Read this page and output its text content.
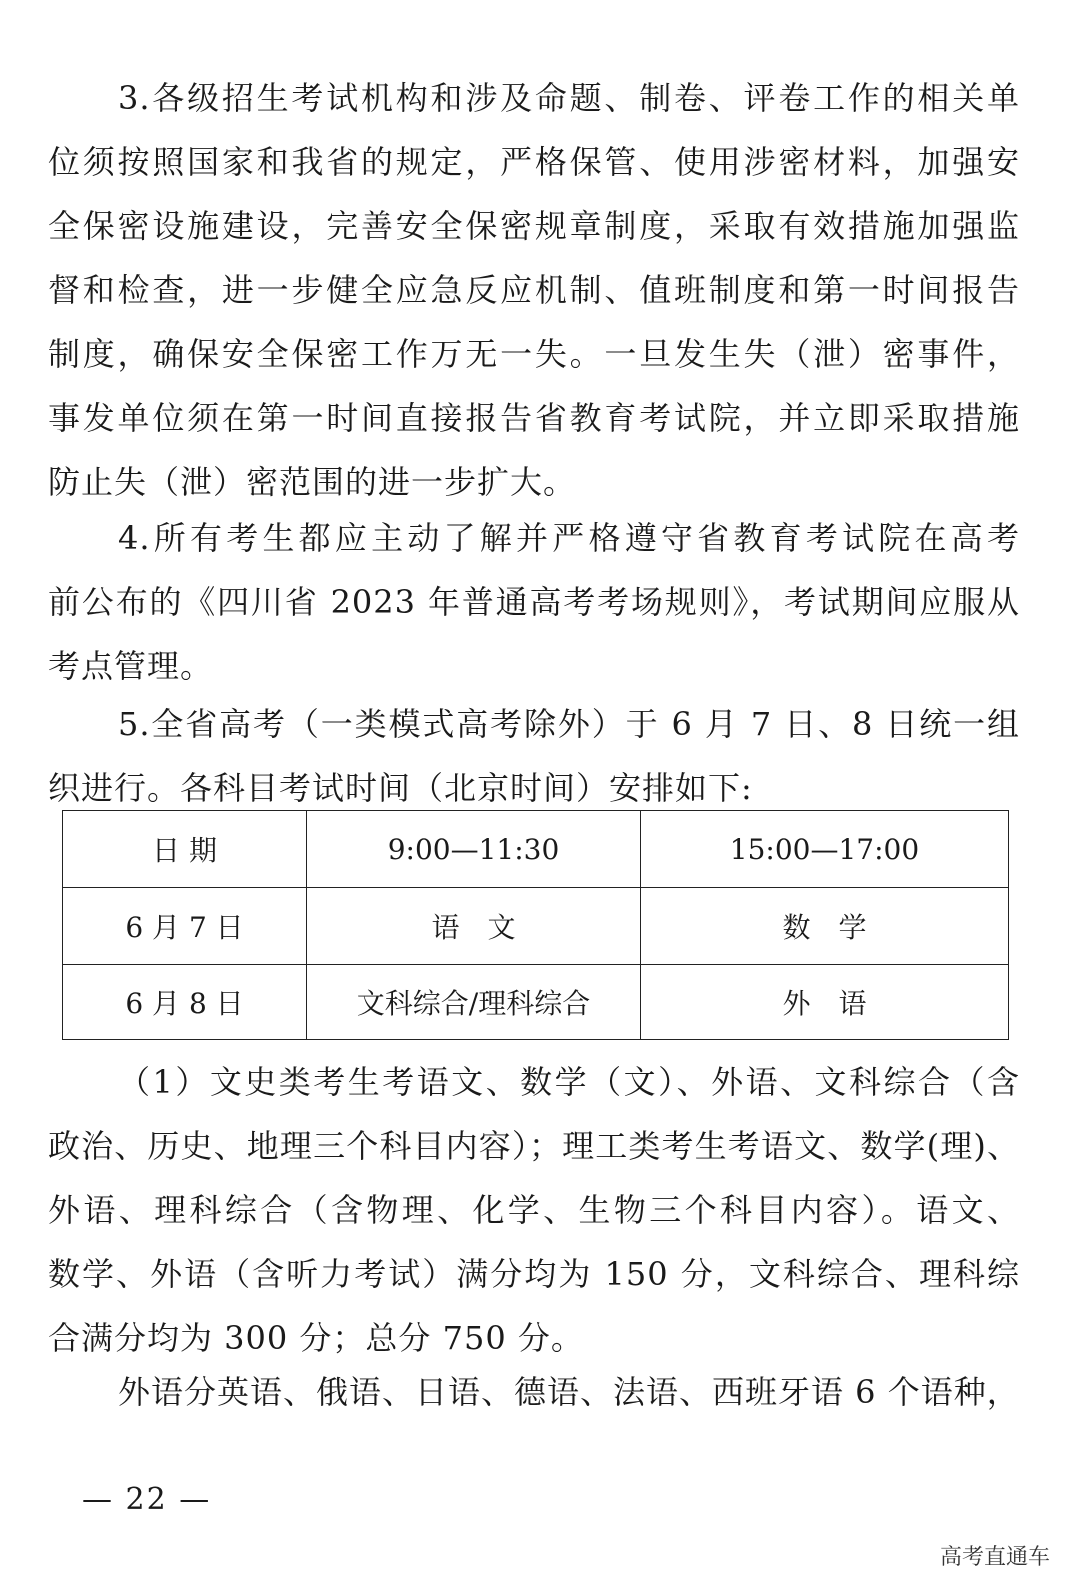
3.各级招生考试机构和涉及命题、制卷、评卷工作的相关单
位须按照国家和我省的规定，严格保管、使用涉密材料，加强安
全保密设施建设，完善安全保密规章制度，采取有效措施加强监
督和检查，进一步健全应急反应机制、值班制度和第一时间报告
制度，确保安全保密工作万无一失。一旦发生失（泄）密事件，
事发单位须在第一时间直接报告省教育考试院，并立即采取措施
防止失（泄）密范围的进一步扩大。
4.所有考生都应主动了解并严格遵守省教育考试院在高考
前公布的《四川省 2023 年普通高考考场规则》，考试期间应服从
考点管理。
5.全省高考（一类模式高考除外）于 6 月 7 日、8 日统一组
织进行。各科目考试时间（北京时间）安排如下:
日 期	9:00—11:30	15:00—17:00
6 月 7 日	语　文	数　学
6 月 8 日	文科综合/理科综合	外　语
（1）文史类考生考语文、数学（文）、外语、文科综合（含
政治、历史、地理三个科目内容）；理工类考生考语文、数学(理)、
外语、理科综合（含物理、化学、生物三个科目内容）。语文、
数学、外语（含听力考试）满分均为 150 分，文科综合、理科综
合满分均为 300 分；总分 750 分。
外语分英语、俄语、日语、德语、法语、西班牙语 6 个语种，
— 22 —
高考直通车
